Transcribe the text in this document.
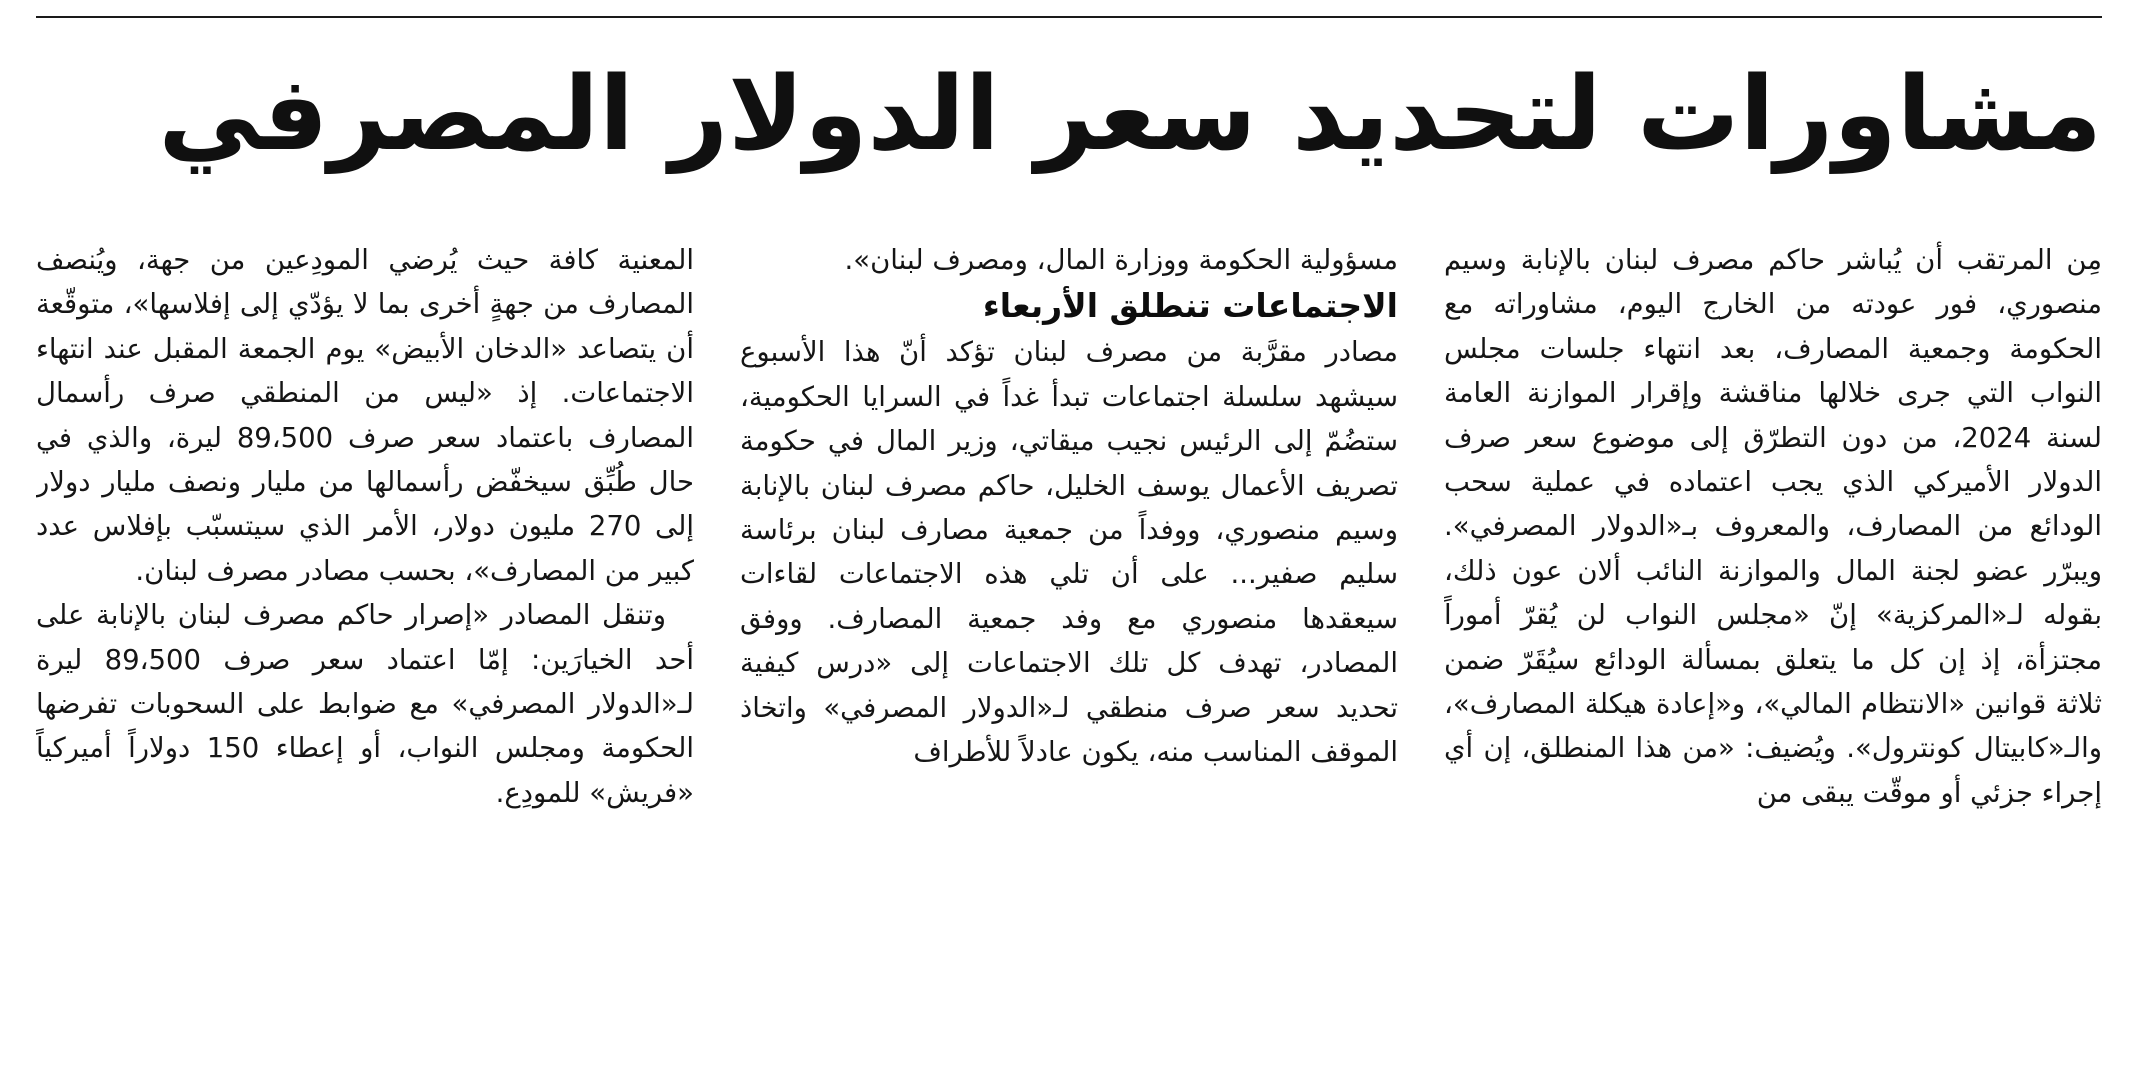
مشاورات لتحديد سعر الدولار المصرفي

مِن المرتقب أن يُباشر حاكم مصرف لبنان بالإنابة وسيم منصوري، فور عودته من الخارج اليوم، مشاوراته مع الحكومة وجمعية المصارف، بعد انتهاء جلسات مجلس النواب التي جرى خلالها مناقشة وإقرار الموازنة العامة لسنة 2024، من دون التطرّق إلى موضوع سعر صرف الدولار الأميركي الذي يجب اعتماده في عملية سحب الودائع من المصارف، والمعروف بـ«الدولار المصرفي». ويبرّر عضو لجنة المال والموازنة النائب ألان عون ذلك، بقوله لـ«المركزية» إنّ «مجلس النواب لن يُقرّ أموراً مجتزأة، إذ إن كل ما يتعلق بمسألة الودائع سيُقَرّ ضمن ثلاثة قوانين «الانتظام المالي»، و«إعادة هيكلة المصارف»، والـ«كابيتال كونترول». ويُضيف: «من هذا المنطلق، إن أي إجراء جزئي أو موقّت يبقى من

مسؤولية الحكومة ووزارة المال، ومصرف لبنان».

الاجتماعات تنطلق الأربعاء

مصادر مقرَّبة من مصرف لبنان تؤكد أنّ هذا الأسبوع سيشهد سلسلة اجتماعات تبدأ غداً في السرايا الحكومية، ستضُمّ إلى الرئيس نجيب ميقاتي، وزير المال في حكومة تصريف الأعمال يوسف الخليل، حاكم مصرف لبنان بالإنابة وسيم منصوري، ووفداً من جمعية مصارف لبنان برئاسة سليم صفير... على أن تلي هذه الاجتماعات لقاءات سيعقدها منصوري مع وفد جمعية المصارف. ووفق المصادر، تهدف كل تلك الاجتماعات إلى «درس كيفية تحديد سعر صرف منطقي لـ«الدولار المصرفي» واتخاذ الموقف المناسب منه، يكون عادلاً للأطراف

المعنية كافة حيث يُرضي المودِعين من جهة، ويُنصف المصارف من جهةٍ أخرى بما لا يؤدّي إلى إفلاسها»، متوقّعة أن يتصاعد «الدخان الأبيض» يوم الجمعة المقبل عند انتهاء الاجتماعات. إذ «ليس من المنطقي صرف رأسمال المصارف باعتماد سعر صرف 89،500 ليرة، والذي في حال طُبِّق سيخفّض رأسمالها من مليار ونصف مليار دولار إلى 270 مليون دولار، الأمر الذي سيتسبّب بإفلاس عدد كبير من المصارف»، بحسب مصادر مصرف لبنان.

وتنقل المصادر «إصرار حاكم مصرف لبنان بالإنابة على أحد الخيارَين: إمّا اعتماد سعر صرف 89،500 ليرة لـ«الدولار المصرفي» مع ضوابط على السحوبات تفرضها الحكومة ومجلس النواب، أو إعطاء 150 دولاراً أميركياً «فريش» للمودِع.
